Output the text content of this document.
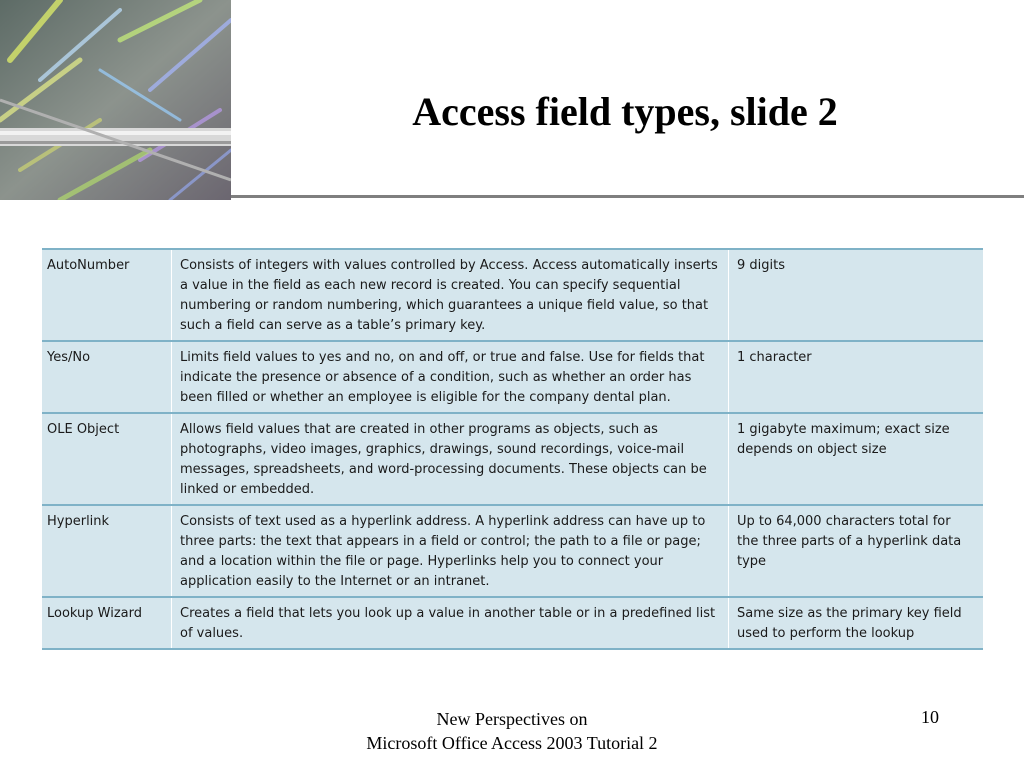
Access field types, slide 2
AutoNumber	Consists of integers with values controlled by Access. Access automatically inserts a value in the field as each new record is created. You can specify sequential numbering or random numbering, which guarantees a unique field value, so that such a field can serve as a table’s primary key.	9 digits
Yes/No	Limits field values to yes and no, on and off, or true and false. Use for fields that indicate the presence or absence of a condition, such as whether an order has been filled or whether an employee is eligible for the company dental plan.	1 character
OLE Object	Allows field values that are created in other programs as objects, such as photographs, video images, graphics, drawings, sound recordings, voice-mail messages, spreadsheets, and word-processing documents. These objects can be linked or embedded.	1 gigabyte maximum; exact size depends on object size
Hyperlink	Consists of text used as a hyperlink address. A hyperlink address can have up to three parts: the text that appears in a field or control; the path to a file or page; and a location within the file or page. Hyperlinks help you to connect your application easily to the Internet or an intranet.	Up to 64,000 characters total for the three parts of a hyperlink data type
Lookup Wizard	Creates a field that lets you look up a value in another table or in a predefined list of values.	Same size as the primary key field used to perform the lookup
New Perspectives on
Microsoft Office Access 2003 Tutorial 2
10
